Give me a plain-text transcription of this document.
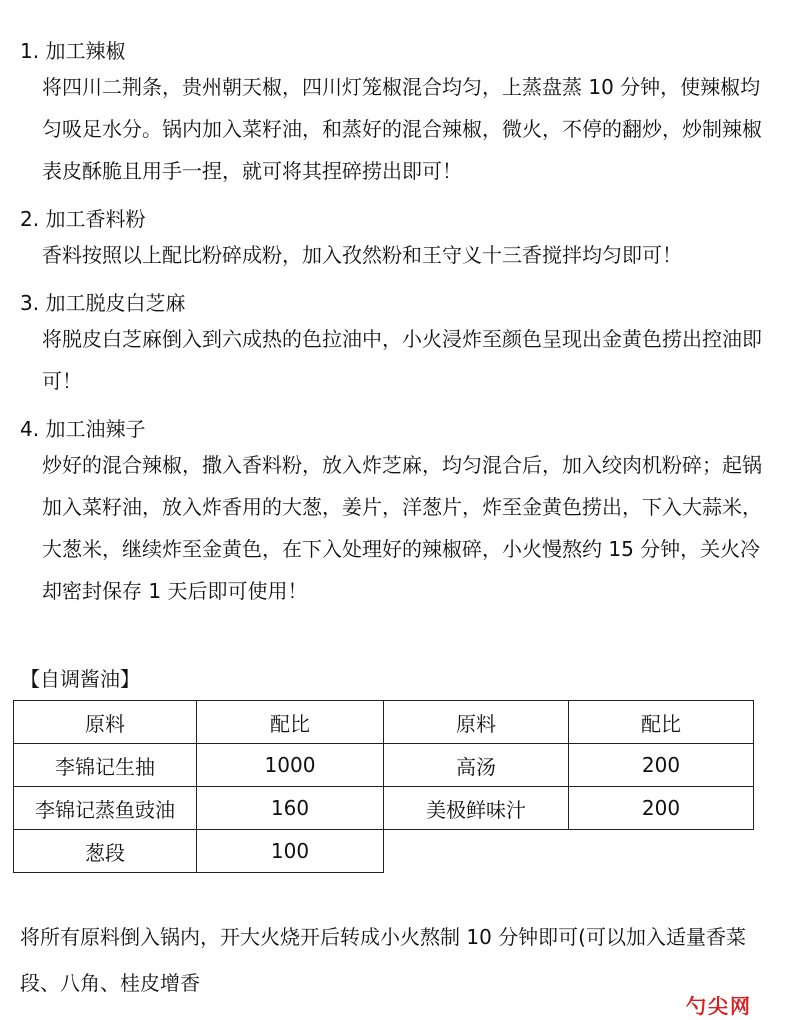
1. 加工辣椒
将四川二荆条，贵州朝天椒，四川灯笼椒混合均匀，上蒸盘蒸 10 分钟，使辣椒均匀吸足水分。锅内加入菜籽油，和蒸好的混合辣椒，微火，不停的翻炒，炒制辣椒表皮酥脆且用手一捏，就可将其捏碎捞出即可！
2. 加工香料粉
香料按照以上配比粉碎成粉，加入孜然粉和王守义十三香搅拌均匀即可！
3. 加工脱皮白芝麻
将脱皮白芝麻倒入到六成热的色拉油中，小火浸炸至颜色呈现出金黄色捞出控油即可！
4. 加工油辣子
炒好的混合辣椒，撒入香料粉，放入炸芝麻，均匀混合后，加入绞肉机粉碎；起锅加入菜籽油，放入炸香用的大葱，姜片，洋葱片，炸至金黄色捞出，下入大蒜米，大葱米，继续炸至金黄色，在下入处理好的辣椒碎，小火慢熬约 15 分钟，关火冷却密封保存 1 天后即可使用！
【自调酱油】
原料	配比	原料	配比
李锦记生抽	1000	高汤	200
李锦记蒸鱼豉油	160	美极鲜味汁	200
葱段	100		
将所有原料倒入锅内，开大火烧开后转成小火熬制 10 分钟即可(可以加入适量香菜段、八角、桂皮增香
勺尖网
